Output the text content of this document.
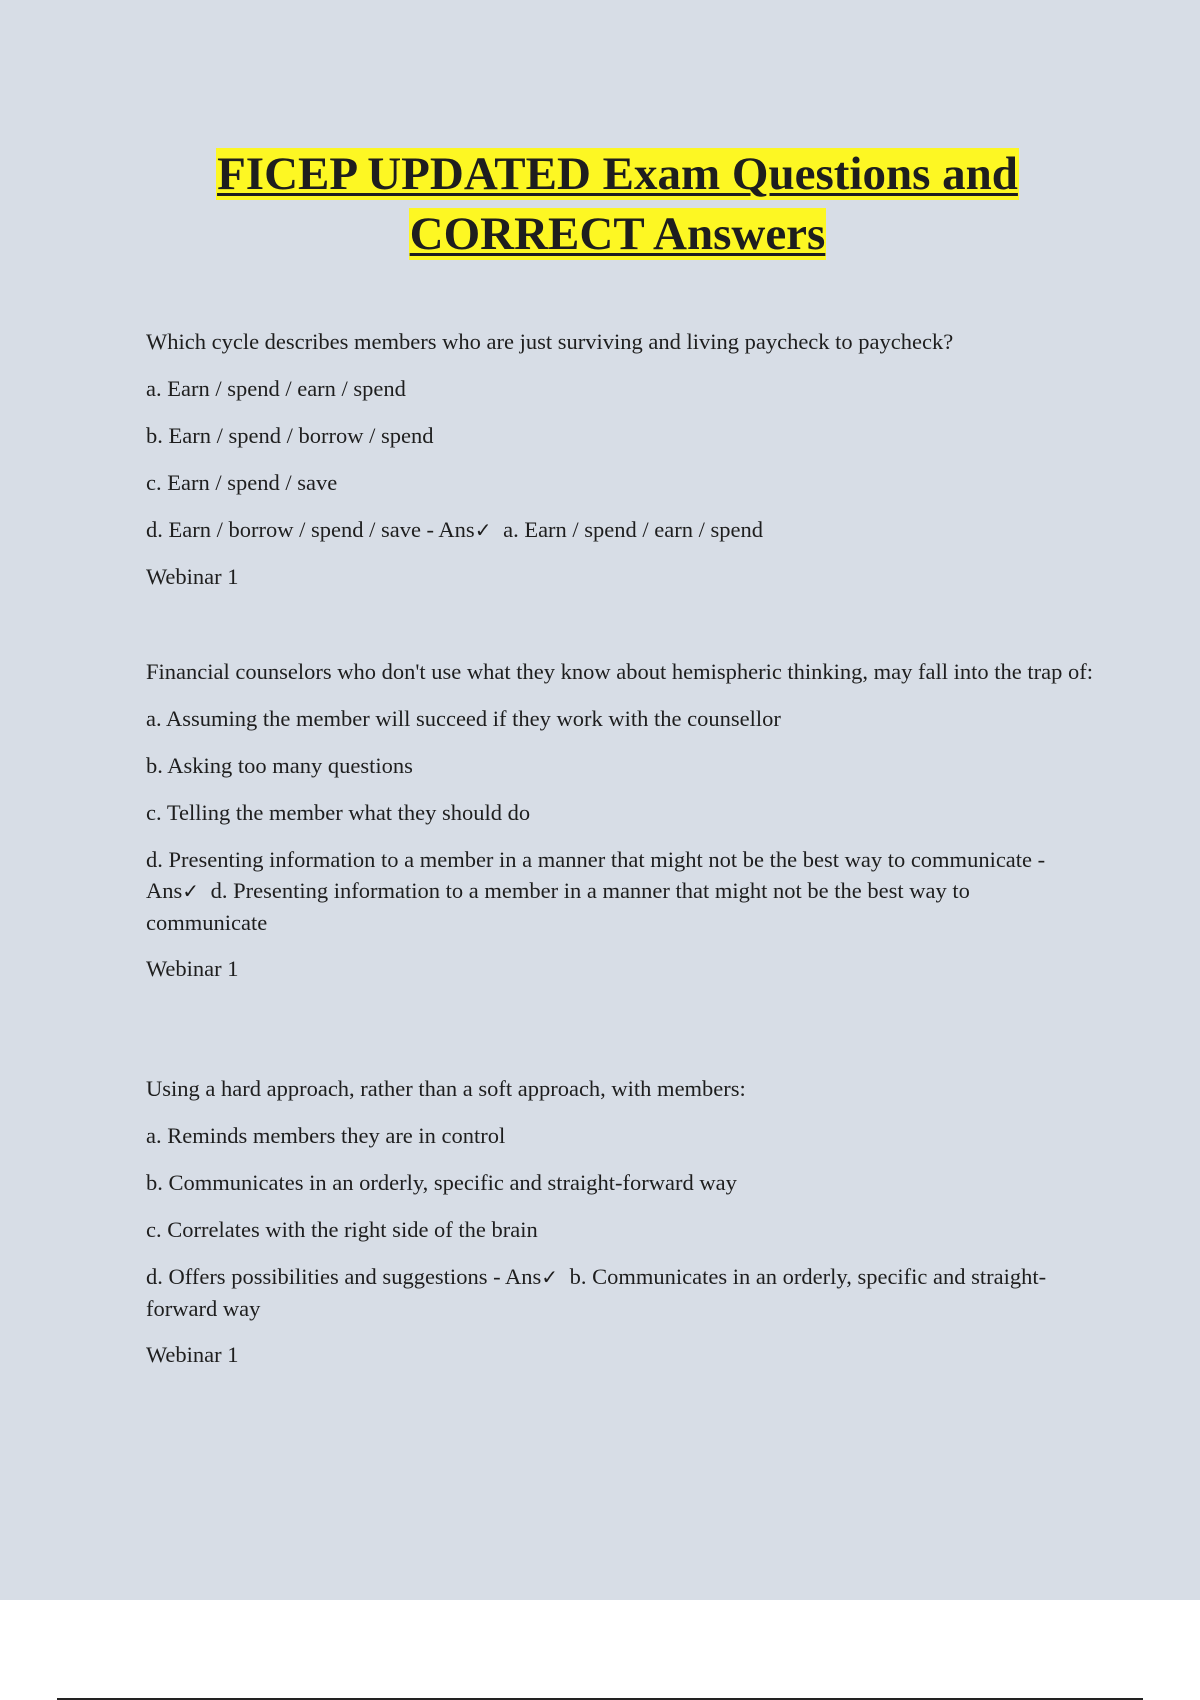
FICEP UPDATED Exam Questions and
CORRECT Answers

Which cycle describes members who are just surviving and living paycheck to paycheck?

a. Earn / spend / earn / spend

b. Earn / spend / borrow / spend

c. Earn / spend / save

d. Earn / borrow / spend / save - Ans✓ a. Earn / spend / earn / spend

Webinar 1

Financial counselors who don't use what they know about hemispheric thinking, may fall into the trap of:

a. Assuming the member will succeed if they work with the counsellor

b. Asking too many questions

c. Telling the member what they should do

d. Presenting information to a member in a manner that might not be the best way to communicate - Ans✓ d. Presenting information to a member in a manner that might not be the best way to communicate

Webinar 1

Using a hard approach, rather than a soft approach, with members:

a. Reminds members they are in control

b. Communicates in an orderly, specific and straight-forward way

c. Correlates with the right side of the brain

d. Offers possibilities and suggestions - Ans✓ b. Communicates in an orderly, specific and straight-forward way

Webinar 1
